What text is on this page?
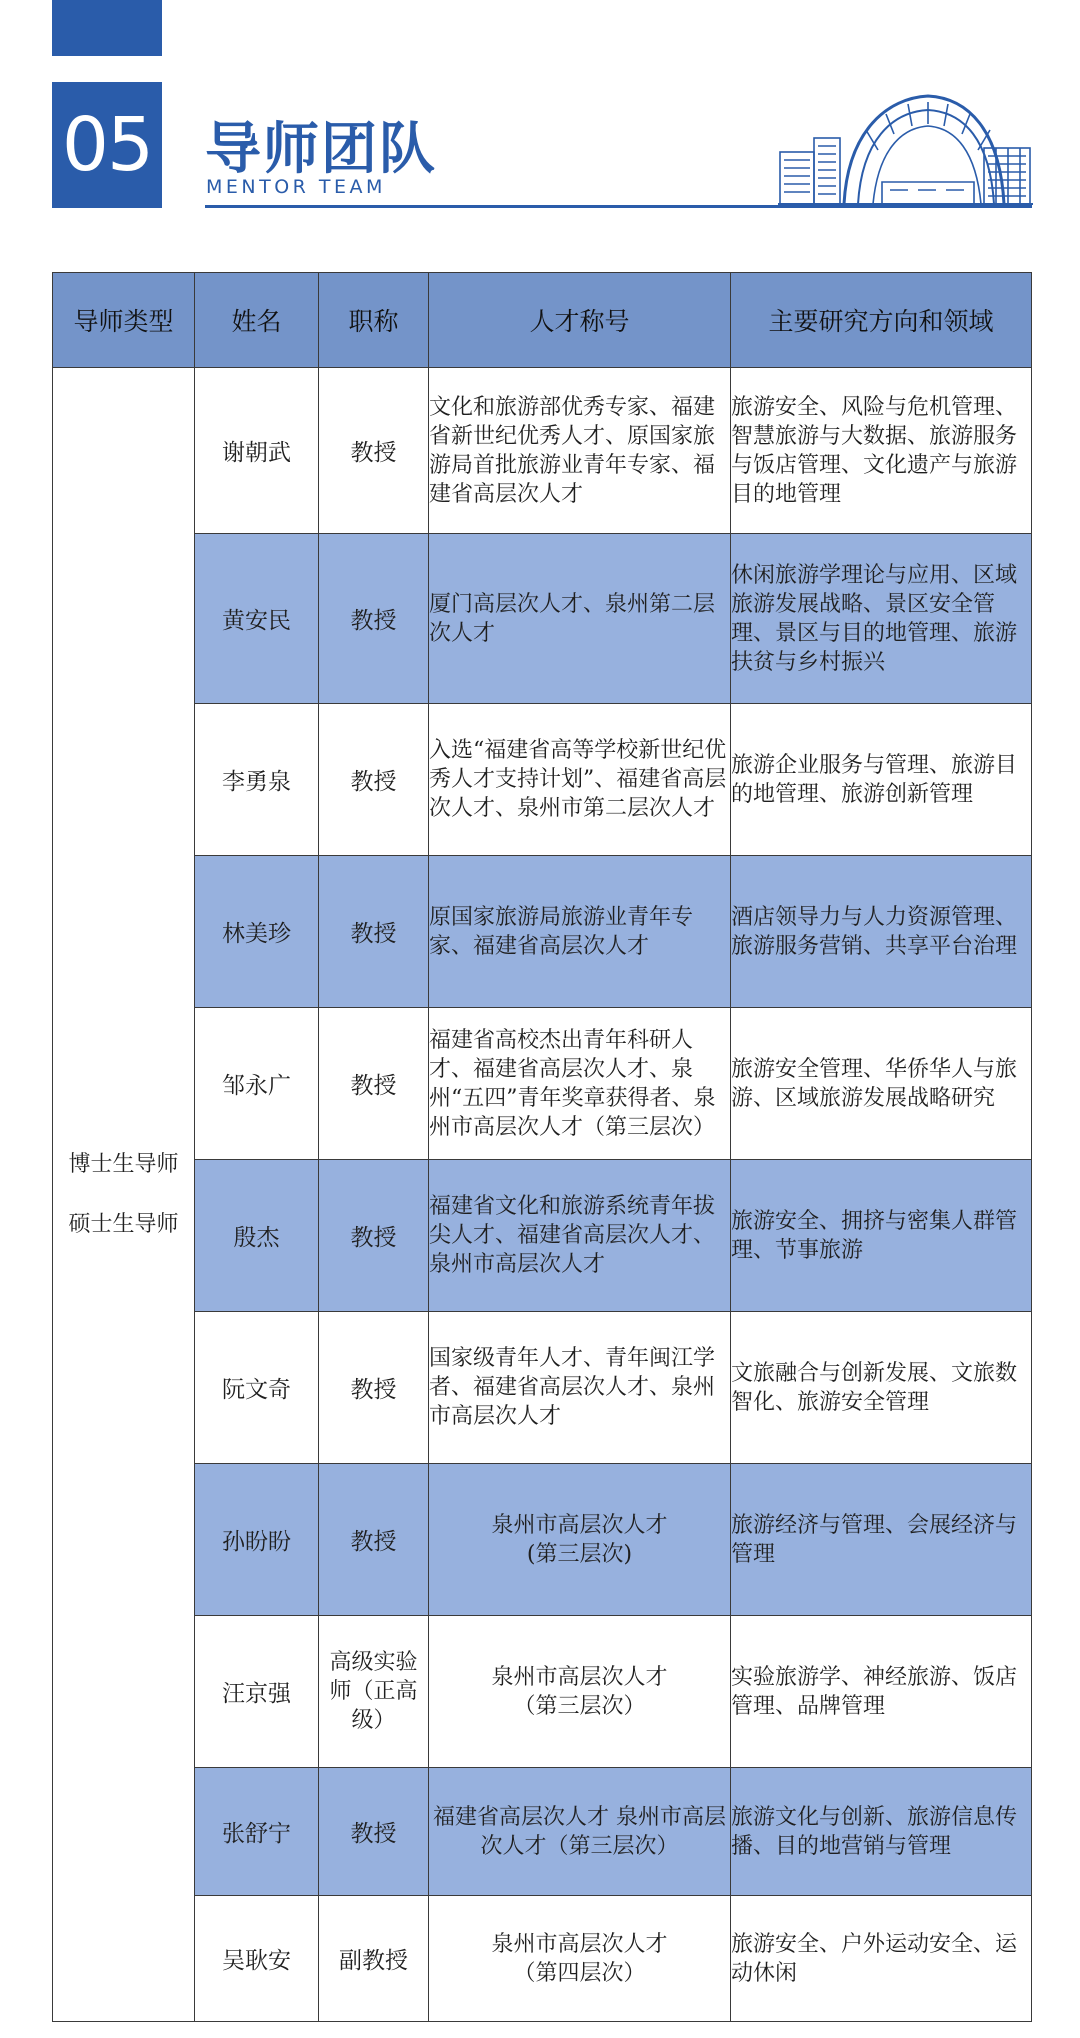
05 导师团队
MENTOR TEAM
导师类型	姓名	职称	人才称号	主要研究方向和领域

博士生导师
硕士生导师	谢朝武	教授	文化和旅游部优秀专家、福建省新世纪优秀人才、原国家旅游局首批旅游业青年专家、福建省高层次人才	旅游安全、风险与危机管理、智慧旅游与大数据、旅游服务与饭店管理、文化遗产与旅游目的地管理
	黄安民	教授	厦门高层次人才、泉州第二层次人才	休闲旅游学理论与应用、区域旅游发展战略、景区安全管理、景区与目的地管理、旅游扶贫与乡村振兴
	李勇泉	教授	入选“福建省高等学校新世纪优秀人才支持计划”、福建省高层次人才、泉州市第二层次人才	旅游企业服务与管理、旅游目的地管理、旅游创新管理
	林美珍	教授	原国家旅游局旅游业青年专家、福建省高层次人才	酒店领导力与人力资源管理、旅游服务营销、共享平台治理
	邹永广	教授	福建省高校杰出青年科研人才、福建省高层次人才、泉州“五四”青年奖章获得者、泉州市高层次人才（第三层次）	旅游安全管理、华侨华人与旅游、区域旅游发展战略研究
	殷杰	教授	福建省文化和旅游系统青年拔尖人才、福建省高层次人才、泉州市高层次人才	旅游安全、拥挤与密集人群管理、节事旅游
	阮文奇	教授	国家级青年人才、青年闽江学者、福建省高层次人才、泉州市高层次人才	文旅融合与创新发展、文旅数智化、旅游安全管理
	孙盼盼	教授	泉州市高层次人才
(第三层次)	旅游经济与管理、会展经济与管理
	汪京强	高级实验师（正高级）	泉州市高层次人才
（第三层次）	实验旅游学、神经旅游、饭店管理、品牌管理
	张舒宁	教授	福建省高层次人才 泉州市高层次人才（第三层次）	旅游文化与创新、旅游信息传播、目的地营销与管理
	吴耿安	副教授	泉州市高层次人才
（第四层次）	旅游安全、户外运动安全、运动休闲
